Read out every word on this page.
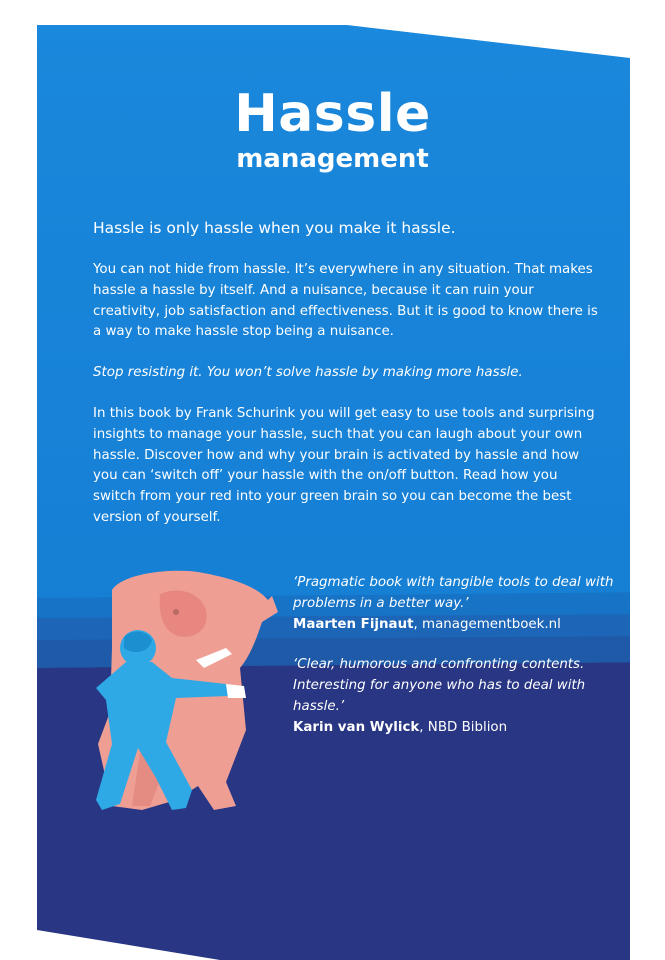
Hassle
management

Hassle is only hassle when you make it hassle.

You can not hide from hassle. It’s everywhere in any situation. That makes hassle a hassle by itself. And a nuisance, because it can ruin your creativity, job satisfaction and effectiveness. But it is good to know there is a way to make hassle stop being a nuisance.

Stop resisting it. You won’t solve hassle by making more hassle.

In this book by Frank Schurink you will get easy to use tools and surprising insights to manage your hassle, such that you can laugh about your own hassle. Discover how and why your brain is activated by hassle and how you can ‘switch off’ your hassle with the on/off button. Read how you switch from your red into your green brain so you can become the best version of yourself.

‘Pragmatic book with tangible tools to deal with problems in a better way.’
Maarten Fijnaut, managementboek.nl

‘Clear, humorous and confronting contents. Interesting for anyone who has to deal with hassle.’
Karin van Wylick, NBD Biblion
